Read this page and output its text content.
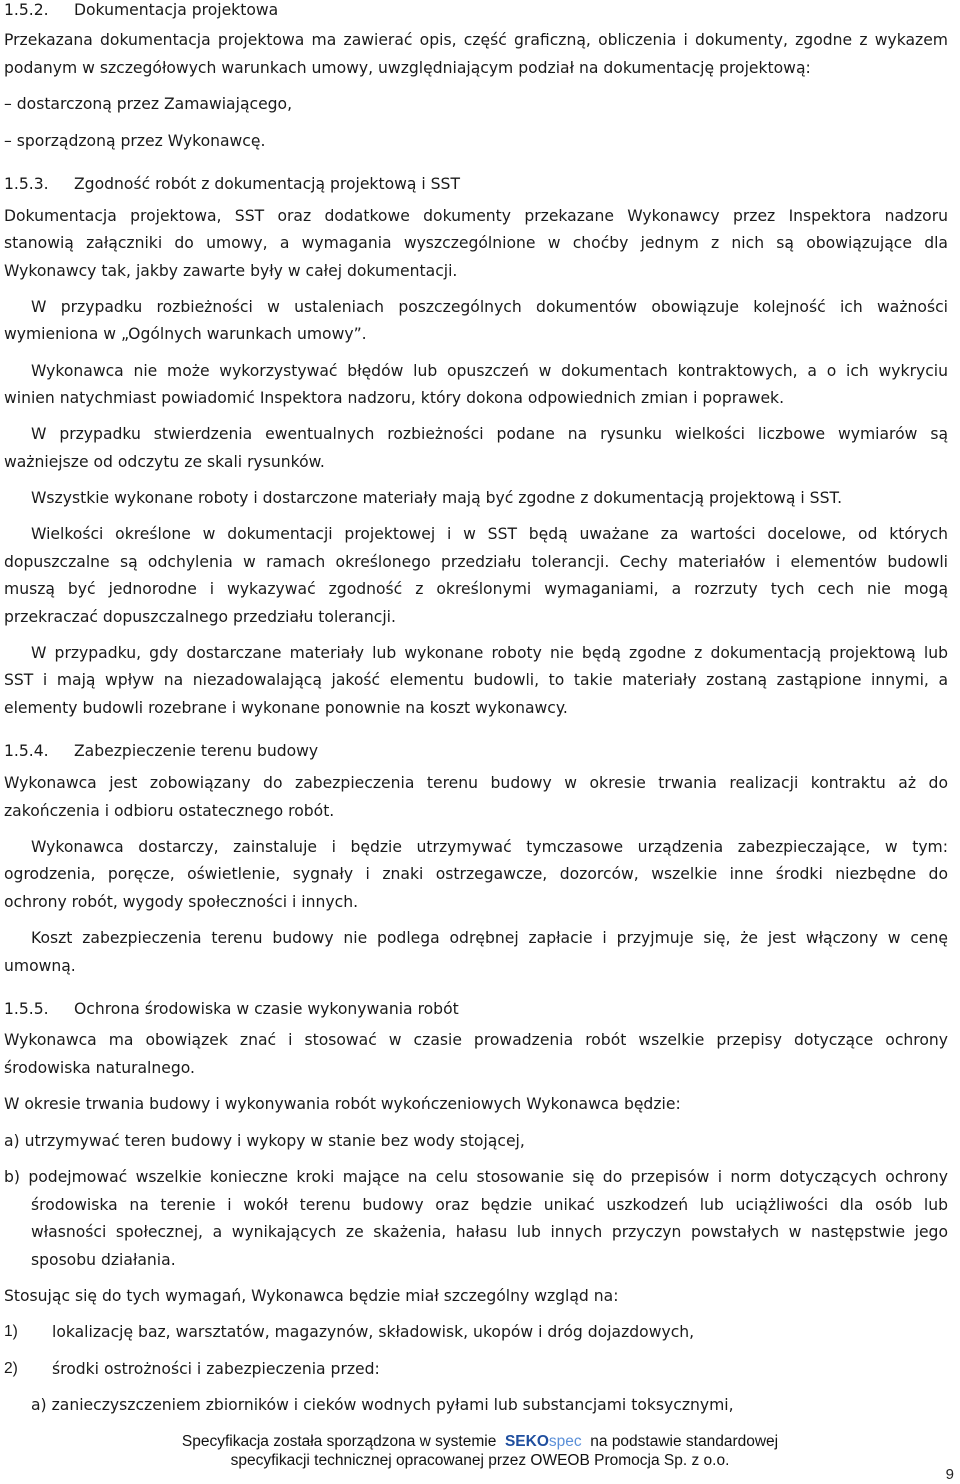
1.5.2. Dokumentacja projektowa
Przekazana dokumentacja projektowa ma zawierać opis, część graficzną, obliczenia i dokumenty, zgodne z wykazem
podanym w szczegółowych warunkach umowy, uwzględniającym podział na dokumentację projektową:
– dostarczoną przez Zamawiającego,
– sporządzoną przez Wykonawcę.
1.5.3. Zgodność robót z dokumentacją projektową i SST
Dokumentacja projektowa, SST oraz dodatkowe dokumenty przekazane Wykonawcy przez Inspektora nadzoru
stanowią załączniki do umowy, a wymagania wyszczególnione w choćby jednym z nich są obowiązujące dla
Wykonawcy tak, jakby zawarte były w całej dokumentacji.
W przypadku rozbieżności w ustaleniach poszczególnych dokumentów obowiązuje kolejność ich ważności
wymieniona w „Ogólnych warunkach umowy”.
Wykonawca nie może wykorzystywać błędów lub opuszczeń w dokumentach kontraktowych, a o ich wykryciu
winien natychmiast powiadomić Inspektora nadzoru, który dokona odpowiednich zmian i poprawek.
W przypadku stwierdzenia ewentualnych rozbieżności podane na rysunku wielkości liczbowe wymiarów są
ważniejsze od odczytu ze skali rysunków.
Wszystkie wykonane roboty i dostarczone materiały mają być zgodne z dokumentacją projektową i SST.
Wielkości określone w dokumentacji projektowej i w SST będą uważane za wartości docelowe, od których
dopuszczalne są odchylenia w ramach określonego przedziału tolerancji. Cechy materiałów i elementów budowli
muszą być jednorodne i wykazywać zgodność z określonymi wymaganiami, a rozrzuty tych cech nie mogą
przekraczać dopuszczalnego przedziału tolerancji.
W przypadku, gdy dostarczane materiały lub wykonane roboty nie będą zgodne z dokumentacją projektową lub
SST i mają wpływ na niezadowalającą jakość elementu budowli, to takie materiały zostaną zastąpione innymi, a
elementy budowli rozebrane i wykonane ponownie na koszt wykonawcy.
1.5.4. Zabezpieczenie terenu budowy
Wykonawca jest zobowiązany do zabezpieczenia terenu budowy w okresie trwania realizacji kontraktu aż do
zakończenia i odbioru ostatecznego robót.
Wykonawca dostarczy, zainstaluje i będzie utrzymywać tymczasowe urządzenia zabezpieczające, w tym:
ogrodzenia, poręcze, oświetlenie, sygnały i znaki ostrzegawcze, dozorców, wszelkie inne środki niezbędne do
ochrony robót, wygody społeczności i innych.
Koszt zabezpieczenia terenu budowy nie podlega odrębnej zapłacie i przyjmuje się, że jest włączony w cenę
umowną.
1.5.5. Ochrona środowiska w czasie wykonywania robót
Wykonawca ma obowiązek znać i stosować w czasie prowadzenia robót wszelkie przepisy dotyczące ochrony
środowiska naturalnego.
W okresie trwania budowy i wykonywania robót wykończeniowych Wykonawca będzie:
a) utrzymywać teren budowy i wykopy w stanie bez wody stojącej,
b) podejmować wszelkie konieczne kroki mające na celu stosowanie się do przepisów i norm dotyczących ochrony
środowiska na terenie i wokół terenu budowy oraz będzie unikać uszkodzeń lub uciążliwości dla osób lub
własności społecznej, a wynikających ze skażenia, hałasu lub innych przyczyn powstałych w następstwie jego
sposobu działania.
Stosując się do tych wymagań, Wykonawca będzie miał szczególny wzgląd na:
1) lokalizację baz, warsztatów, magazynów, składowisk, ukopów i dróg dojazdowych,
2) środki ostrożności i zabezpieczenia przed:
a) zanieczyszczeniem zbiorników i cieków wodnych pyłami lub substancjami toksycznymi,
Specyfikacja została sporządzona w systemie SEKOspec na podstawie standardowej
specyfikacji technicznej opracowanej przez OWEOB Promocja Sp. z o.o.
9
